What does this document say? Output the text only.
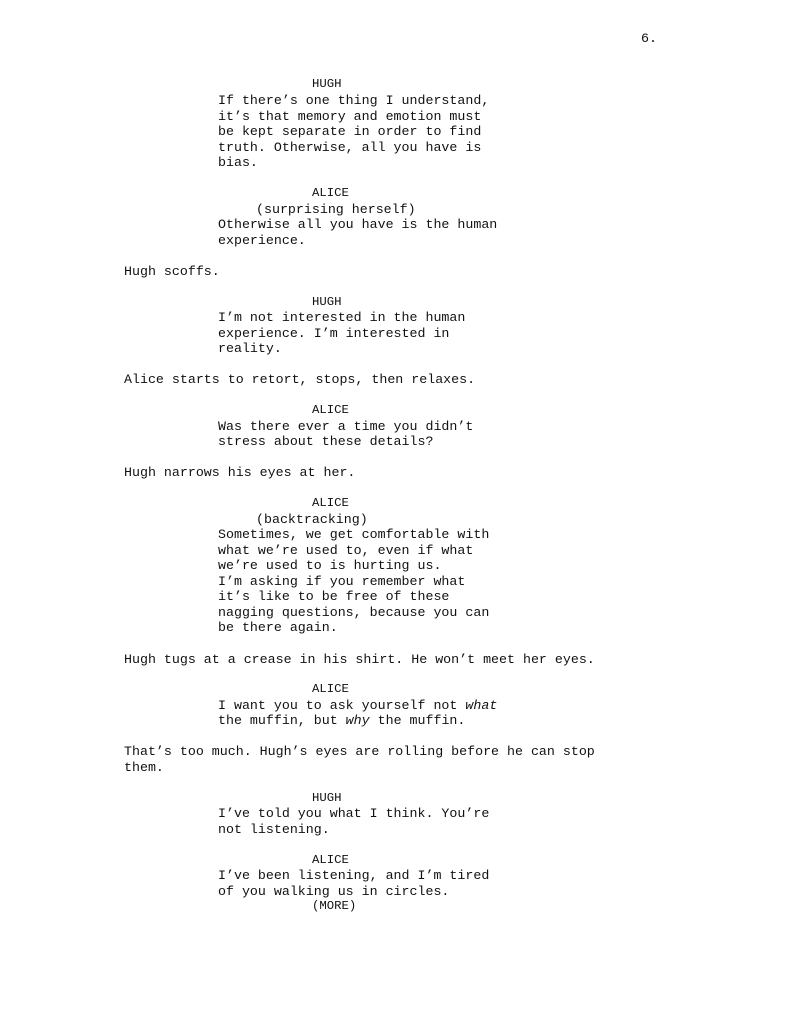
6.
HUGH
If there’s one thing I understand,
it’s that memory and emotion must
be kept separate in order to find
truth. Otherwise, all you have is
bias.
ALICE
(surprising herself)
Otherwise all you have is the human
experience.
Hugh scoffs.
HUGH
I’m not interested in the human
experience. I’m interested in
reality.
Alice starts to retort, stops, then relaxes.
ALICE
Was there ever a time you didn’t
stress about these details?
Hugh narrows his eyes at her.
ALICE
(backtracking)
Sometimes, we get comfortable with
what we’re used to, even if what
we’re used to is hurting us.
I’m asking if you remember what
it’s like to be free of these
nagging questions, because you can
be there again.
Hugh tugs at a crease in his shirt. He won’t meet her eyes.
ALICE
I want you to ask yourself not what
the muffin, but why the muffin.
That’s too much. Hugh’s eyes are rolling before he can stop
them.
HUGH
I’ve told you what I think. You’re
not listening.
ALICE
I’ve been listening, and I’m tired
of you walking us in circles.
(MORE)
